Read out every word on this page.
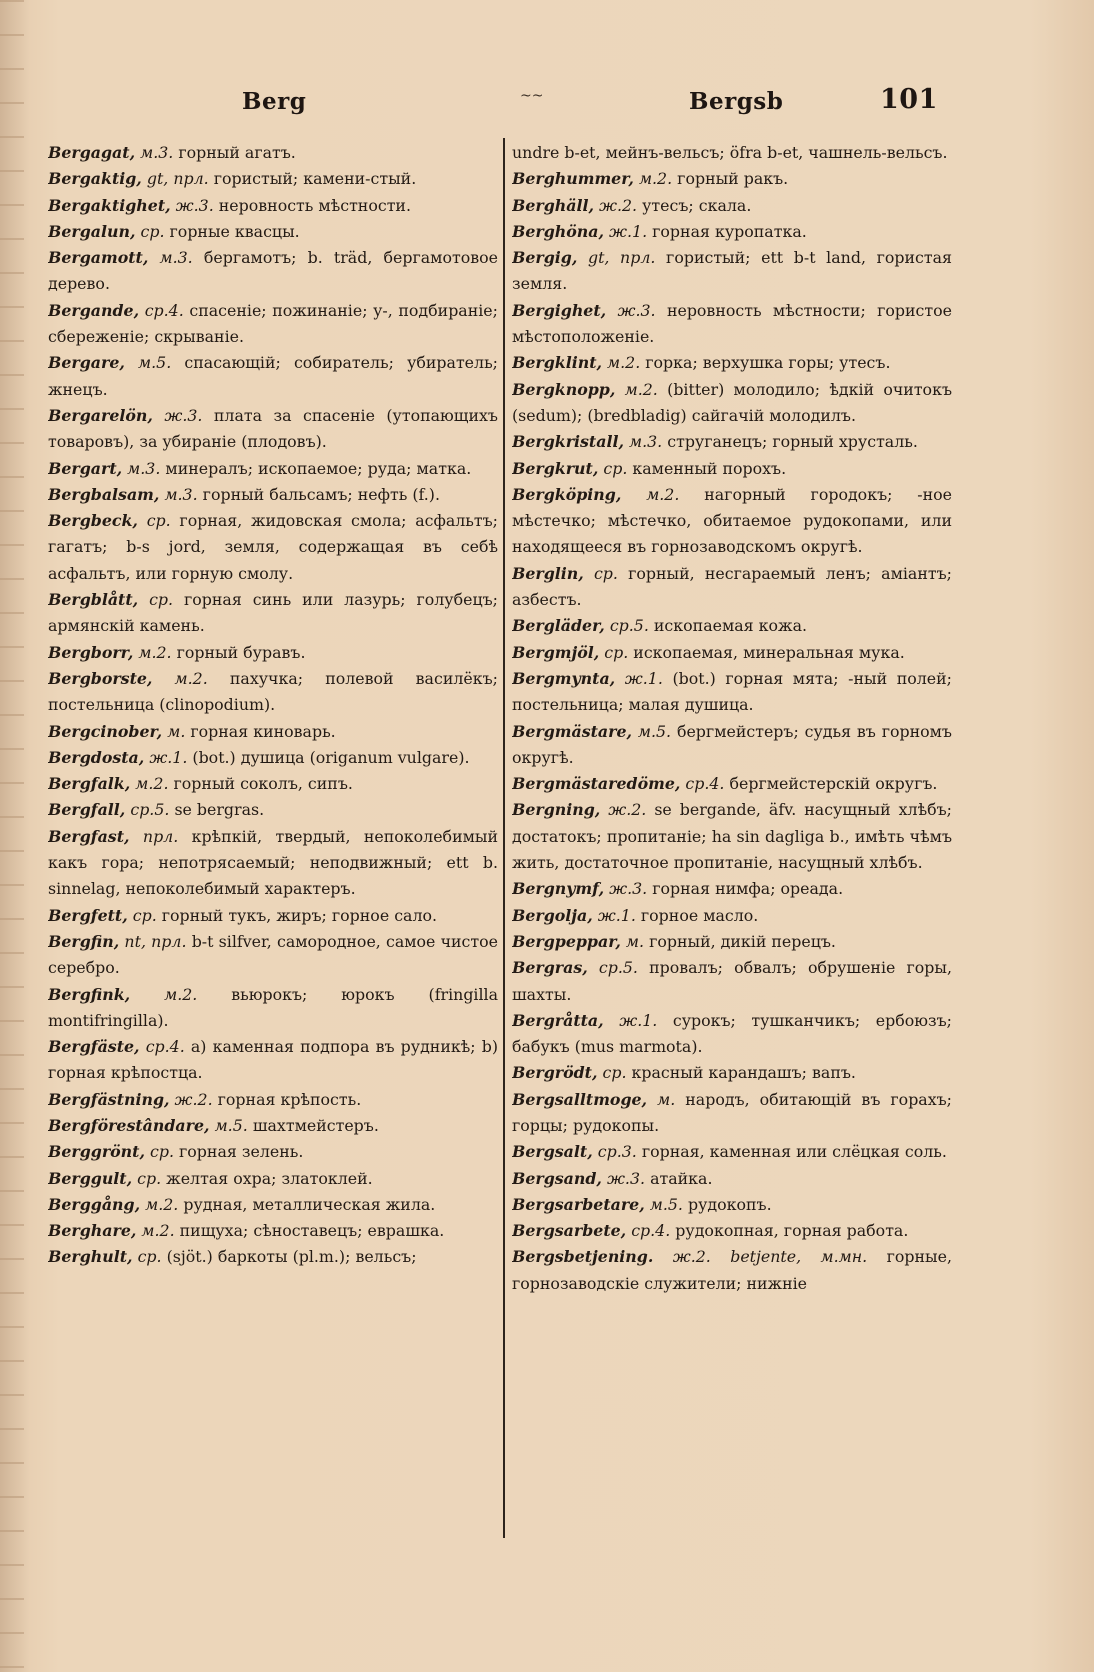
Berg	~~	Bergsb	101

Bergagat, м.3. горный агатъ.

Bergaktig, gt, прл. гористый; камени-стый.

Bergaktighet, ж.3. неровность мѣстности.

Bergalun, ср. горные квасцы.

Bergamott, м.3. бергамотъ; b. träd, бергамотовое дерево.

Bergande, ср.4. спасеніе; пожинаніе; у-, подбираніе; сбереженіе; скрываніе.

Bergare, м.5. спасающій; собиратель; убиратель; жнецъ.

Bergarelön, ж.3. плата за спасеніе (утопающихъ товаровъ), за убираніе (плодовъ).

Bergart, м.3. минералъ; ископаемое; руда; матка.

Bergbalsam, м.3. горный бальсамъ; нефть (f.).

Bergbeck, ср. горная, жидовская смола; асфальтъ; гагатъ; b-s jord, земля, содержащая въ себѣ асфальтъ, или горную смолу.

Bergblått, ср. горная синь или лазурь; голубецъ; армянскій камень.

Bergborr, м.2. горный буравъ.

Bergborste, м.2. пахучка; полевой василёкъ; постельница (clinopodium).

Bergcinober, м. горная киноварь.

Bergdosta, ж.1. (bot.) душица (origanum vulgare).

Bergfalk, м.2. горный соколъ, сипъ.

Bergfall, ср.5. se bergras.

Bergfast, прл. крѣпкій, твердый, непоколебимый какъ гора; непотрясаемый; неподвижный; ett b. sinnelag, непоколебимый характеръ.

Bergfett, ср. горный тукъ, жиръ; горное сало.

Bergfin, nt, прл. b-t silfver, самородное, самое чистое серебро.

Bergfink, м.2. вьюрокъ; юрокъ (fringilla montifringilla).

Bergfäste, ср.4. а) каменная подпора въ рудникѣ; b) горная крѣпостца.

Bergfästning, ж.2. горная крѣпость.

Bergförestândare, м.5. шахтмейстеръ.

Berggrönt, ср. горная зелень.

Berggult, ср. желтая охра; златоклей.

Berggång, м.2. рудная, металлическая жила.

Berghare, м.2. пищуха; сѣноставецъ; еврашка.

Berghult, ср. (sjöt.) баркоты (pl.m.); вельсъ;

undre b-et, мейнъ-вельсъ; öfra b-et, чашнель-вельсъ.

Berghummer, м.2. горный ракъ.

Berghäll, ж.2. утесъ; скала.

Berghöna, ж.1. горная куропатка.

Bergig, gt, прл. гористый; ett b-t land, гористая земля.

Bergighet, ж.3. неровность мѣстности; гористое мѣстоположеніе.

Bergklint, м.2. горка; верхушка горы; утесъ.

Bergknopp, м.2. (bitter) молодило; ѣдкій очитокъ (sedum); (bredbladig) сайгачій молодилъ.

Bergkristall, м.3. струганецъ; горный хрусталь.

Bergkrut, ср. каменный порохъ.

Bergköping, м.2. нагорный городокъ; -ное мѣстечко; мѣстечко, обитаемое рудокопами, или находящееся въ горнозаводскомъ округѣ.

Berglin, ср. горный, несгараемый ленъ; аміантъ; азбестъ.

Bergläder, ср.5. ископаемая кожа.

Bergmjöl, ср. ископаемая, минеральная мука.

Bergmynta, ж.1. (bot.) горная мята; -ный полей; постельница; малая душица.

Bergmästare, м.5. бергмейстеръ; судья въ горномъ округѣ.

Bergmästaredöme, ср.4. бергмейстерскій округъ.

Bergning, ж.2. se bergande, äfv. насущный хлѣбъ; достатокъ; пропитаніе; ha sin dagliga b., имѣть чѣмъ жить, достаточное пропитаніе, насущный хлѣбъ.

Bergnymf, ж.3. горная нимфа; ореада.

Bergolja, ж.1. горное масло.

Bergpeppar, м. горный, дикій перецъ.

Bergras, ср.5. провалъ; обвалъ; обрушеніе горы, шахты.

Bergråtta, ж.1. сурокъ; тушканчикъ; ербоюзъ; бабукъ (mus marmota).

Bergrödt, ср. красный карандашъ; вапъ.

Bergsalltmoge, м. народъ, обитающій въ горахъ; горцы; рудокопы.

Bergsalt, ср.3. горная, каменная или слёцкая соль.

Bergsand, ж.3. атайка.

Bergsarbetare, м.5. рудокопъ.

Bergsarbete, ср.4. рудокопная, горная работа.

Bergsbetjening. ж.2. betjente, м.мн. горные, горнозаводскіе служители; нижніе
